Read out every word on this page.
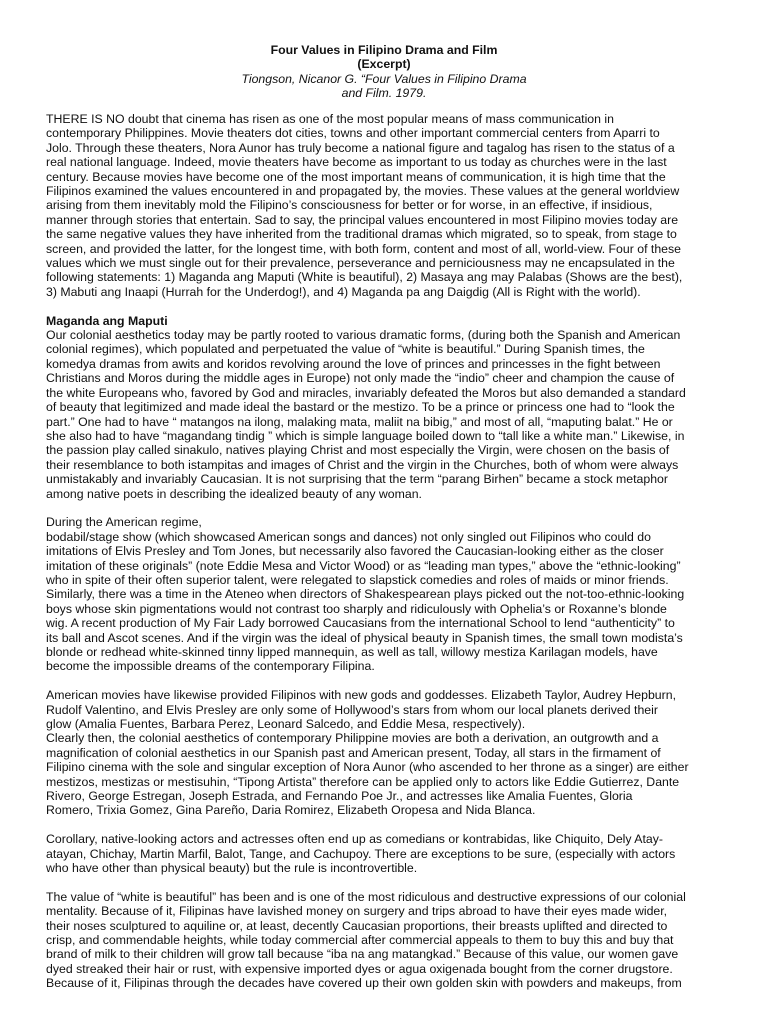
Four Values in Filipino Drama and Film
(Excerpt)
Tiongson, Nicanor G. “Four Values in Filipino Drama
and Film. 1979.

THERE IS NO doubt that cinema has risen as one of the most popular means of mass communication in
contemporary Philippines. Movie theaters dot cities, towns and other important commercial centers from Aparri to
Jolo. Through these theaters, Nora Aunor has truly become a national figure and tagalog has risen to the status of a
real national language. Indeed, movie theaters have become as important to us today as churches were in the last
century. Because movies have become one of the most important means of communication, it is high time that the
Filipinos examined the values encountered in and propagated by, the movies. These values at the general worldview
arising from them inevitably mold the Filipino’s consciousness for better or for worse, in an effective, if insidious,
manner through stories that entertain. Sad to say, the principal values encountered in most Filipino movies today are
the same negative values they have inherited from the traditional dramas which migrated, so to speak, from stage to
screen, and provided the latter, for the longest time, with both form, content and most of all, world-view. Four of these
values which we must single out for their prevalence, perseverance and perniciousness may ne encapsulated in the
following statements: 1) Maganda ang Maputi (White is beautiful), 2) Masaya ang may Palabas (Shows are the best),
3) Mabuti ang Inaapi (Hurrah for the Underdog!), and 4) Maganda pa ang Daigdig (All is Right with the world).

Maganda ang Maputi

Our colonial aesthetics today may be partly rooted to various dramatic forms, (during both the Spanish and American
colonial regimes), which populated and perpetuated the value of “white is beautiful.” During Spanish times, the
komedya dramas from awits and koridos revolving around the love of princes and princesses in the fight between
Christians and Moros during the middle ages in Europe) not only made the “indio” cheer and champion the cause of
the white Europeans who, favored by God and miracles, invariably defeated the Moros but also demanded a standard
of beauty that legitimized and made ideal the bastard or the mestizo. To be a prince or princess one had to “look the
part.” One had to have “ matangos na ilong, malaking mata, maliit na bibig,” and most of all, “maputing balat.” He or
she also had to have “magandang tindig ” which is simple language boiled down to “tall like a white man.” Likewise, in
the passion play called sinakulo, natives playing Christ and most especially the Virgin, were chosen on the basis of
their resemblance to both istampitas and images of Christ and the virgin in the Churches, both of whom were always
unmistakably and invariably Caucasian. It is not surprising that the term “parang Birhen” became a stock metaphor
among native poets in describing the idealized beauty of any woman.

During the American regime,
bodabil/stage show (which showcased American songs and dances) not only singled out Filipinos who could do
imitations of Elvis Presley and Tom Jones, but necessarily also favored the Caucasian-looking either as the closer
imitation of these originals” (note Eddie Mesa and Victor Wood) or as “leading man types,” above the “ethnic-looking”
who in spite of their often superior talent, were relegated to slapstick comedies and roles of maids or minor friends.
Similarly, there was a time in the Ateneo when directors of Shakespearean plays picked out the not-too-ethnic-looking
boys whose skin pigmentations would not contrast too sharply and ridiculously with Ophelia’s or Roxanne’s blonde
wig. A recent production of My Fair Lady borrowed Caucasians from the international School to lend “authenticity” to
its ball and Ascot scenes. And if the virgin was the ideal of physical beauty in Spanish times, the small town modista’s
blonde or redhead white-skinned tinny lipped mannequin, as well as tall, willowy mestiza Karilagan models, have
become the impossible dreams of the contemporary Filipina.

American movies have likewise provided Filipinos with new gods and goddesses. Elizabeth Taylor, Audrey Hepburn,
Rudolf Valentino, and Elvis Presley are only some of Hollywood’s stars from whom our local planets derived their
glow (Amalia Fuentes, Barbara Perez, Leonard Salcedo, and Eddie Mesa, respectively).

Clearly then, the colonial aesthetics of contemporary Philippine movies are both a derivation, an outgrowth and a
magnification of colonial aesthetics in our Spanish past and American present, Today, all stars in the firmament of
Filipino cinema with the sole and singular exception of Nora Aunor (who ascended to her throne as a singer) are either
mestizos, mestizas or mestisuhin, “Tipong Artista” therefore can be applied only to actors like Eddie Gutierrez, Dante
Rivero, George Estregan, Joseph Estrada, and Fernando Poe Jr., and actresses like Amalia Fuentes, Gloria
Romero, Trixia Gomez, Gina Pareño, Daria Romirez, Elizabeth Oropesa and Nida Blanca.

Corollary, native-looking actors and actresses often end up as comedians or kontrabidas, like Chiquito, Dely Atay-
atayan, Chichay, Martin Marfil, Balot, Tange, and Cachupoy. There are exceptions to be sure, (especially with actors
who have other than physical beauty) but the rule is incontrovertible.

The value of “white is beautiful” has been and is one of the most ridiculous and destructive expressions of our colonial
mentality. Because of it, Filipinas have lavished money on surgery and trips abroad to have their eyes made wider,
their noses sculptured to aquiline or, at least, decently Caucasian proportions, their breasts uplifted and directed to
crisp, and commendable heights, while today commercial after commercial appeals to them to buy this and buy that
brand of milk to their children will grow tall because “iba na ang matangkad.” Because of this value, our women gave
dyed streaked their hair or rust, with expensive imported dyes or agua oxigenada bought from the corner drugstore.
Because of it, Filipinas through the decades have covered up their own golden skin with powders and makeups, from
